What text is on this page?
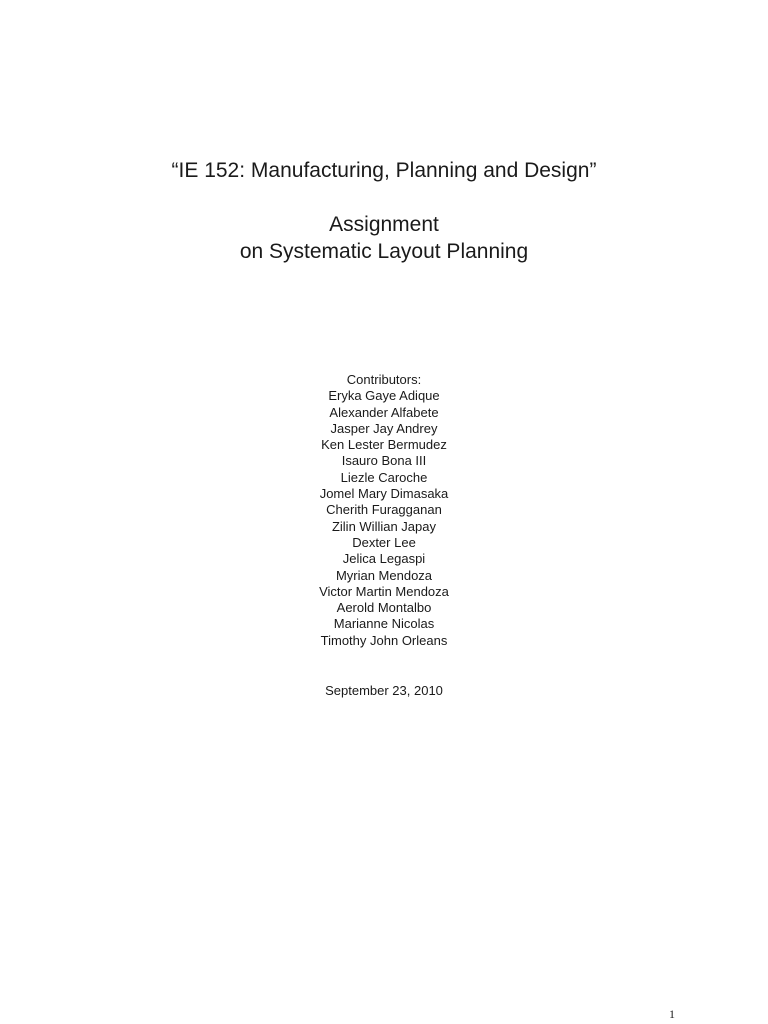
“IE 152: Manufacturing, Planning and Design”
Assignment
on Systematic Layout Planning
Contributors:
Eryka Gaye Adique
Alexander Alfabete
Jasper Jay Andrey
Ken Lester Bermudez
Isauro Bona III
Liezle Caroche
Jomel Mary Dimasaka
Cherith Furagganan
Zilin Willian Japay
Dexter Lee
Jelica Legaspi
Myrian Mendoza
Victor Martin Mendoza
Aerold Montalbo
Marianne Nicolas
Timothy John Orleans
September 23, 2010
1
